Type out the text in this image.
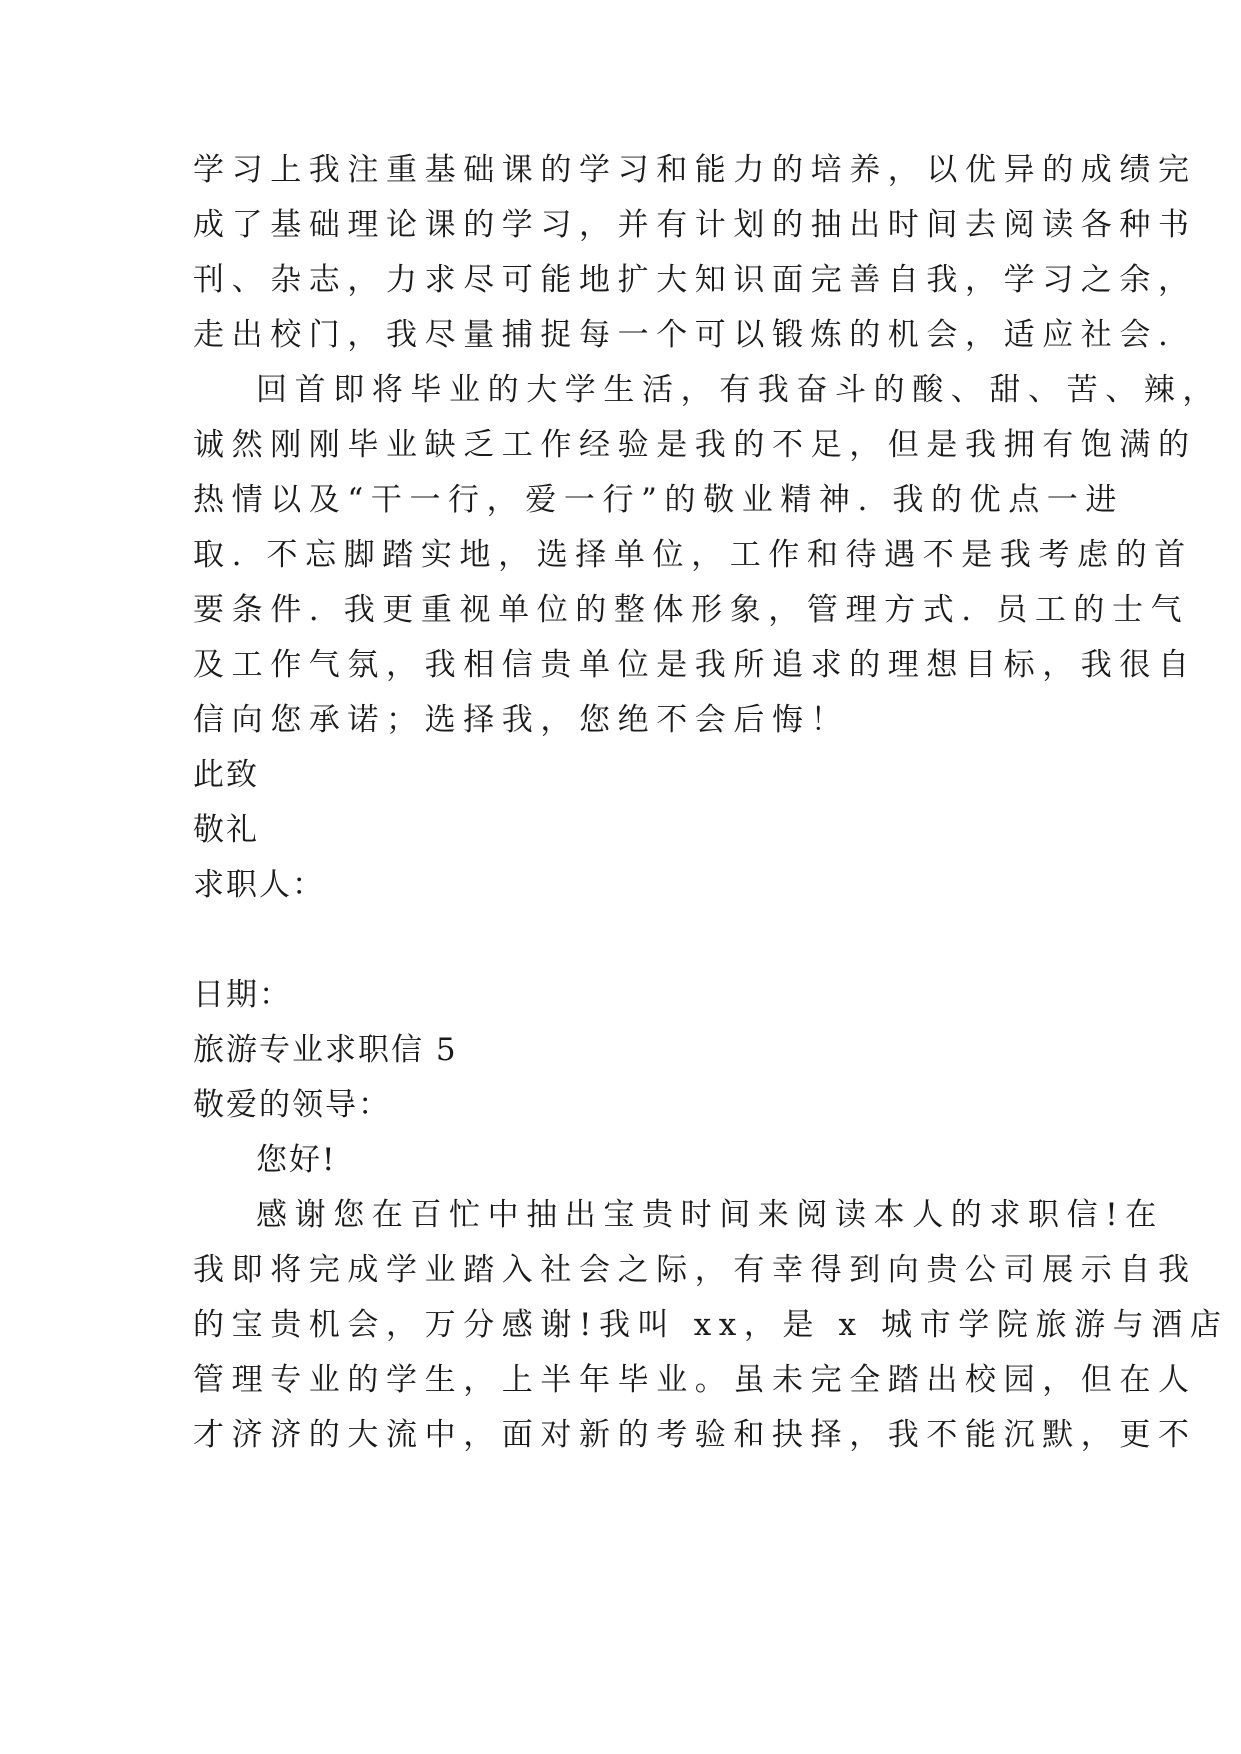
学习上我注重基础课的学习和能力的培养，以优异的成绩完
成了基础理论课的学习，并有计划的抽出时间去阅读各种书
刊、杂志，力求尽可能地扩大知识面完善自我，学习之余，
走出校门，我尽量捕捉每一个可以锻炼的机会，适应社会.
回首即将毕业的大学生活，有我奋斗的酸、甜、苦、辣，
诚然刚刚毕业缺乏工作经验是我的不足，但是我拥有饱满的
热情以及“干一行，爱一行”的敬业精神. 我的优点一进
取. 不忘脚踏实地，选择单位，工作和待遇不是我考虑的首
要条件. 我更重视单位的整体形象，管理方式. 员工的士气
及工作气氛，我相信贵单位是我所追求的理想目标，我很自
信向您承诺；选择我，您绝不会后悔！
此致
敬礼
求职人：
日期：
旅游专业求职信 5
敬爱的领导：
您好!
感谢您在百忙中抽出宝贵时间来阅读本人的求职信!在
我即将完成学业踏入社会之际，有幸得到向贵公司展示自我
的宝贵机会，万分感谢!我叫 xx，是 x 城市学院旅游与酒店
管理专业的学生，上半年毕业。虽未完全踏出校园，但在人
才济济的大流中，面对新的考验和抉择，我不能沉默，更不
